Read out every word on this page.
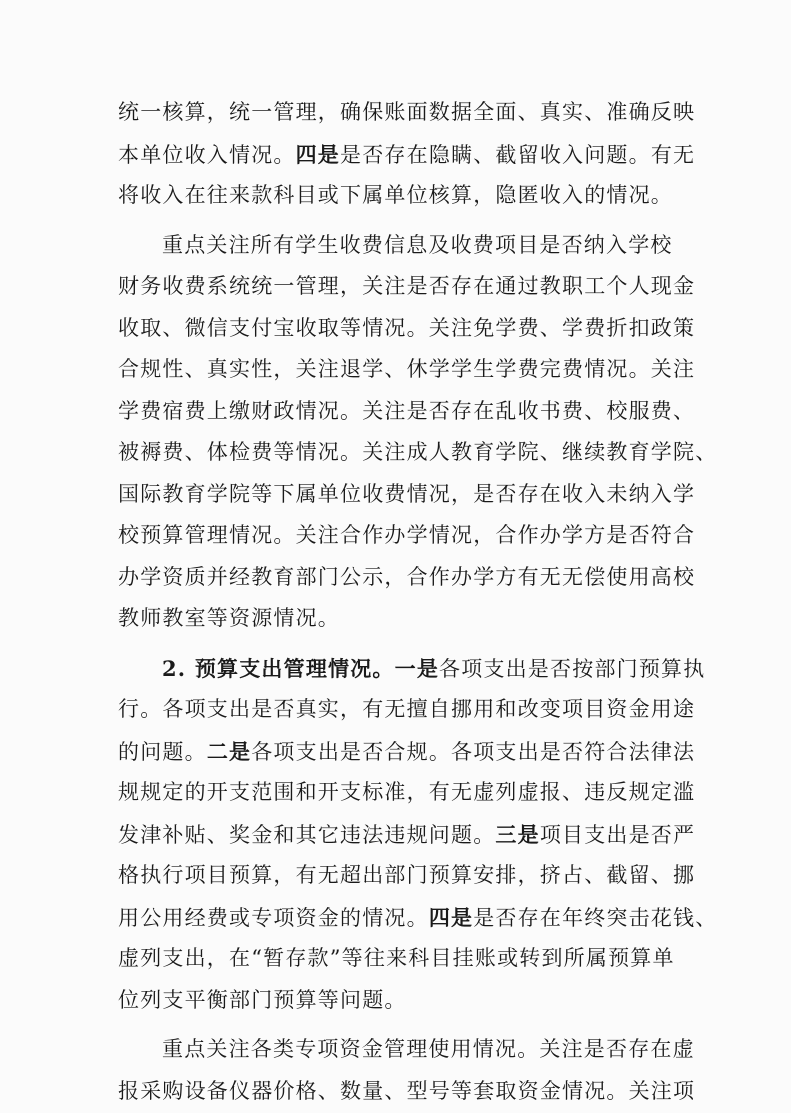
统一核算，统一管理，确保账面数据全面、真实、准确反映
本单位收入情况。四是是否存在隐瞒、截留收入问题。有无
将收入在往来款科目或下属单位核算，隐匿收入的情况。
重点关注所有学生收费信息及收费项目是否纳入学校
财务收费系统统一管理，关注是否存在通过教职工个人现金
收取、微信支付宝收取等情况。关注免学费、学费折扣政策
合规性、真实性，关注退学、休学学生学费完费情况。关注
学费宿费上缴财政情况。关注是否存在乱收书费、校服费、
被褥费、体检费等情况。关注成人教育学院、继续教育学院、
国际教育学院等下属单位收费情况，是否存在收入未纳入学
校预算管理情况。关注合作办学情况，合作办学方是否符合
办学资质并经教育部门公示，合作办学方有无无偿使用高校
教师教室等资源情况。
2. 预算支出管理情况。一是各项支出是否按部门预算执
行。各项支出是否真实，有无擅自挪用和改变项目资金用途
的问题。二是各项支出是否合规。各项支出是否符合法律法
规规定的开支范围和开支标准，有无虚列虚报、违反规定滥
发津补贴、奖金和其它违法违规问题。三是项目支出是否严
格执行项目预算，有无超出部门预算安排，挤占、截留、挪
用公用经费或专项资金的情况。四是是否存在年终突击花钱、
虚列支出，在“暂存款”等往来科目挂账或转到所属预算单
位列支平衡部门预算等问题。
重点关注各类专项资金管理使用情况。关注是否存在虚
报采购设备仪器价格、数量、型号等套取资金情况。关注项
